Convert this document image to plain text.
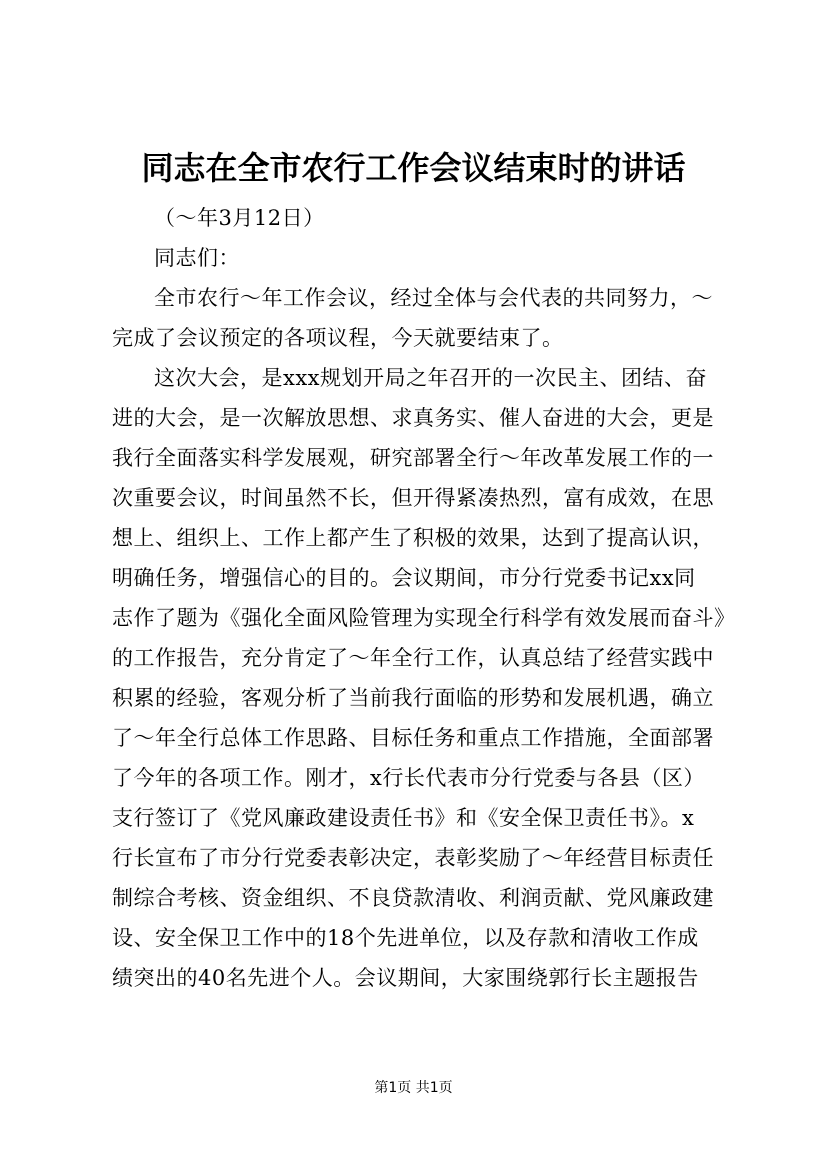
同志在全市农行工作会议结束时的讲话
（～年3月12日）
同志们：
全市农行～年工作会议，经过全体与会代表的共同努力，～
完成了会议预定的各项议程，今天就要结束了。
这次大会，是xxx规划开局之年召开的一次民主、团结、奋
进的大会，是一次解放思想、求真务实、催人奋进的大会，更是
我行全面落实科学发展观，研究部署全行～年改革发展工作的一
次重要会议，时间虽然不长，但开得紧凑热烈，富有成效，在思
想上、组织上、工作上都产生了积极的效果，达到了提高认识，
明确任务，增强信心的目的。会议期间，市分行党委书记xx同
志作了题为《强化全面风险管理为实现全行科学有效发展而奋斗》
的工作报告，充分肯定了～年全行工作，认真总结了经营实践中
积累的经验，客观分析了当前我行面临的形势和发展机遇，确立
了～年全行总体工作思路、目标任务和重点工作措施，全面部署
了今年的各项工作。刚才，x行长代表市分行党委与各县（区）
支行签订了《党风廉政建设责任书》和《安全保卫责任书》。x
行长宣布了市分行党委表彰决定，表彰奖励了～年经营目标责任
制综合考核、资金组织、不良贷款清收、利润贡献、党风廉政建
设、安全保卫工作中的18个先进单位，以及存款和清收工作成
绩突出的40名先进个人。会议期间，大家围绕郭行长主题报告
第1页 共1页
